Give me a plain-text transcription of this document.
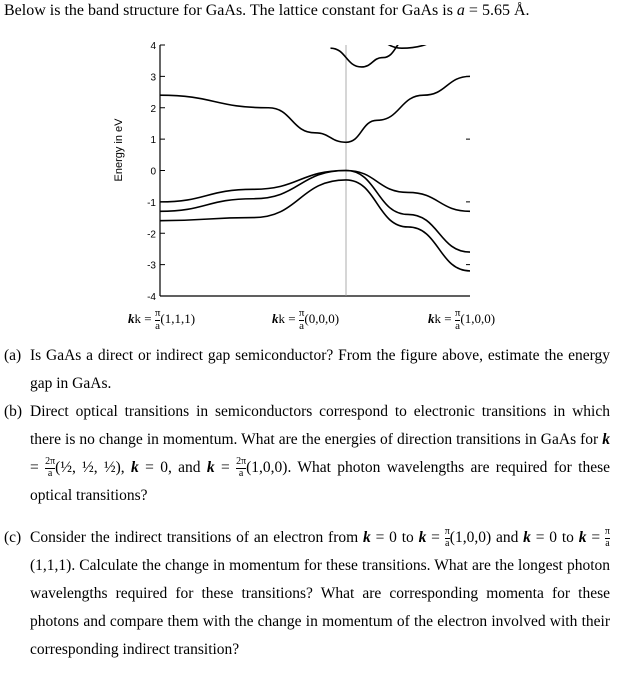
Below is the band structure for GaAs. The lattice constant for GaAs is a = 5.65 Å.
4
3
2
1
0
-1
-2
-3
-4
Energy in eV
kk = $\frac{\pi}{a} (1,1,1)$	kk = $\frac{\pi}{a} (0,0,0)$	kk = $\frac{\pi}{a} (1,0,0)$
(a) Is GaAs a direct or indirect gap semiconductor? From the figure above, estimate the energy gap in GaAs.
(b) Direct optical transitions in semiconductors correspond to electronic transitions in which there is no change in momentum. What are the energies of direction transitions in GaAs for $k = \frac{2\pi}{a}$ (½, ½, ½), k = 0, and $k = \frac{2\pi}{a} (1,0,0)$. What photon wavelengths are required for these optical transitions?
(c) Consider the indirect transitions of an electron from k = 0 to $k = \frac{\pi}{a} (1,0,0)$ and k = 0 to $k = \frac{\pi}{a}$
(1,1,1). Calculate the change in momentum for these transitions. What are the longest photon wavelengths required for these transitions? What are corresponding momenta for these photons and compare them with the change in momentum of the electron involved with their corresponding indirect transition?
